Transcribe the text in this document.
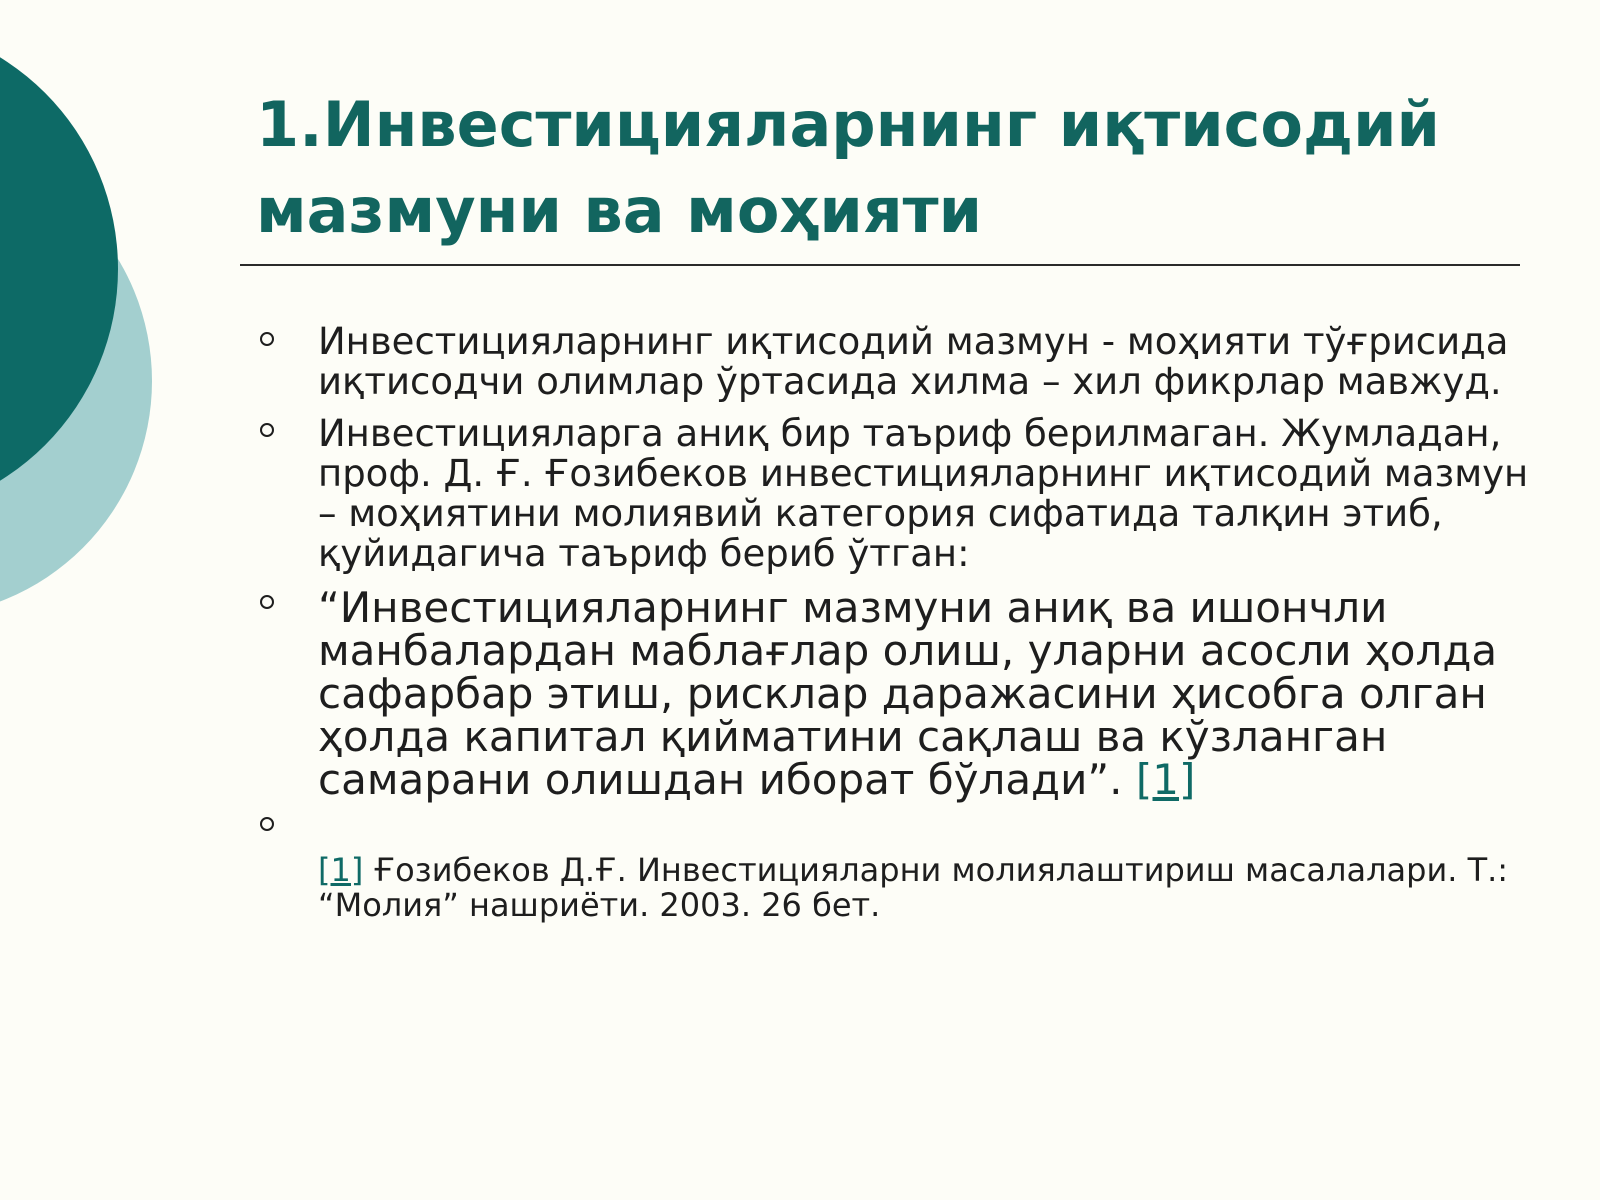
1.Инвестицияларнинг иқтисодий мазмуни ва моҳияти
Инвестицияларнинг иқтисодий мазмун - моҳияти тўғрисида иқтисодчи олимлар ўртасида хилма – хил фикрлар мавжуд.
Инвестицияларга аниқ бир таъриф берилмаган. Жумладан, проф. Д. Ғ. Ғозибеков инвестицияларнинг иқтисодий мазмун – моҳиятини молиявий категория сифатида талқин этиб, қуйидагича таъриф бериб ўтган:
“Инвестицияларнинг мазмуни аниқ ва ишончли манбалардан маблағлар олиш, уларни асосли ҳолда сафарбар этиш, рисклар даражасини ҳисобга олган ҳолда капитал қийматини сақлаш ва кўзланган самарани олишдан иборат бўлади”. [1]
[1] Ғозибеков Д.Ғ. Инвестицияларни молиялаштириш масалалари. Т.: “Молия” нашриёти. 2003. 26 бет.
